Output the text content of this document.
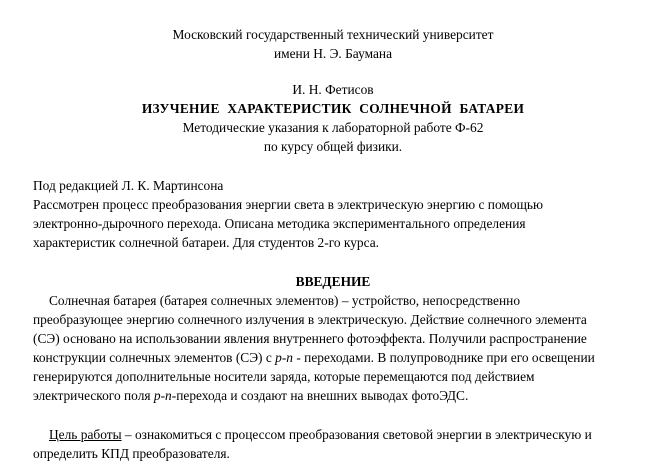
Московский государственный технический университет
имени Н. Э. Баумана
И. Н. Фетисов
ИЗУЧЕНИЕ ХАРАКТЕРИСТИК СОЛНЕЧНОЙ БАТАРЕИ
Методические указания к лабораторной работе Ф-62
по курсу общей физики.
Под редакцией Л. К. Мартинсона
Рассмотрен процесс преобразования энергии света в электрическую энергию с помощью
электронно-дырочного перехода. Описана методика экспериментального определения
характеристик солнечной батареи. Для студентов 2-го курса.
ВВЕДЕНИЕ
Солнечная батарея (батарея солнечных элементов) – устройство, непосредственно
преобразующее энергию солнечного излучения в электрическую. Действие солнечного элемента
(СЭ) основано на использовании явления внутреннего фотоэффекта. Получили распространение
конструкции солнечных элементов (СЭ) с p-n - переходами. В полупроводнике при его освещении
генерируются дополнительные носители заряда, которые перемещаются под действием
электрического поля p-n-перехода и создают на внешних выводах фотоЭДС.
Цель работы – ознакомиться с процессом преобразования световой энергии в электрическую и
определить КПД преобразователя.
